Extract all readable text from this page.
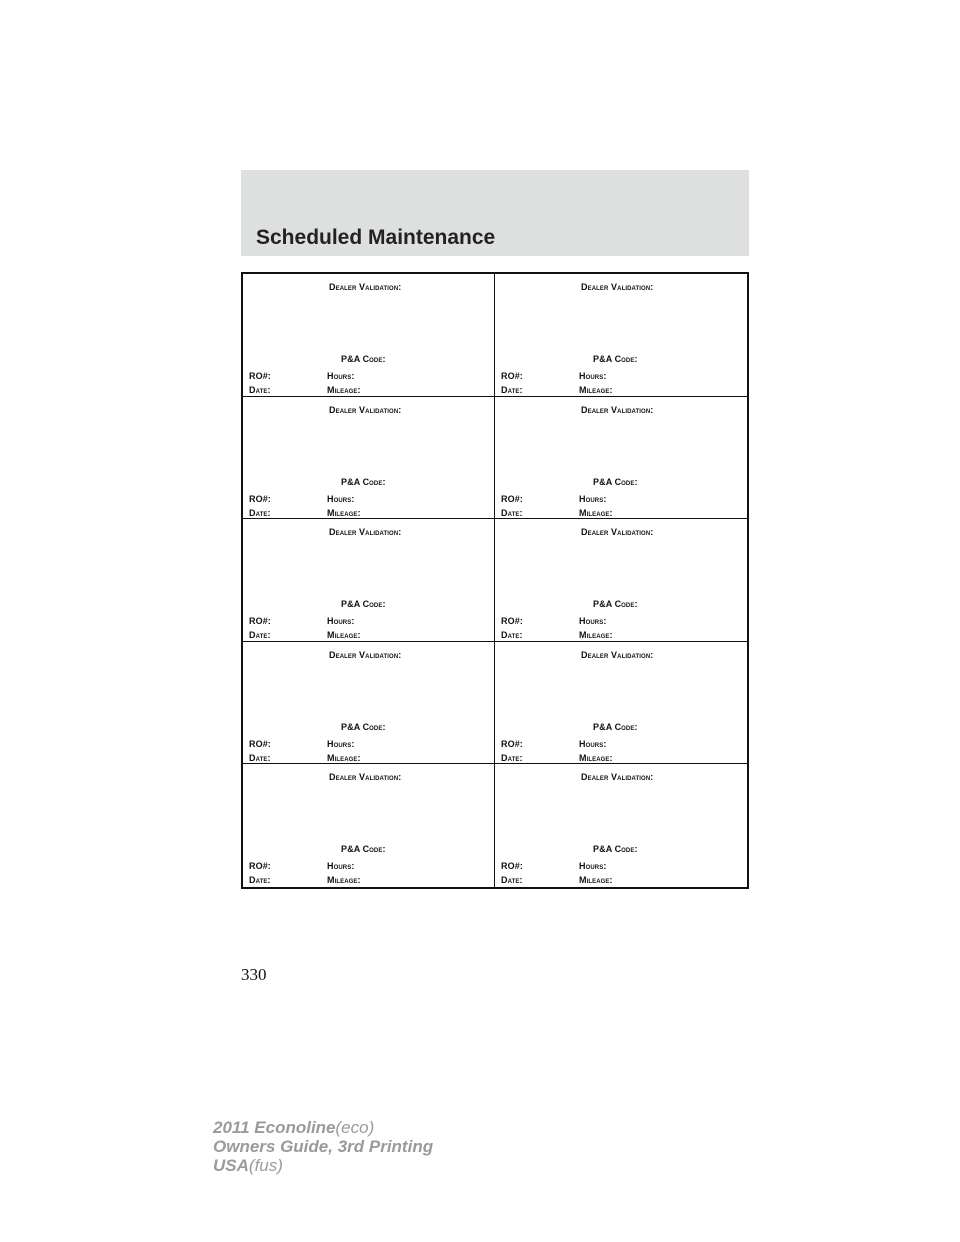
Scheduled Maintenance
Dealer Validation:
P&A Code:
RO#:	Hours:
Date:	Mileage:
Dealer Validation:
P&A Code:
RO#:	Hours:
Date:	Mileage:
Dealer Validation:
P&A Code:
RO#:	Hours:
Date:	Mileage:
Dealer Validation:
P&A Code:
RO#:	Hours:
Date:	Mileage:
Dealer Validation:
P&A Code:
RO#:	Hours:
Date:	Mileage:
Dealer Validation:
P&A Code:
RO#:	Hours:
Date:	Mileage:
Dealer Validation:
P&A Code:
RO#:	Hours:
Date:	Mileage:
Dealer Validation:
P&A Code:
RO#:	Hours:
Date:	Mileage:
Dealer Validation:
P&A Code:
RO#:	Hours:
Date:	Mileage:
Dealer Validation:
P&A Code:
RO#:	Hours:
Date:	Mileage:
330
2011 Econoline(eco)
Owners Guide, 3rd Printing
USA(fus)
